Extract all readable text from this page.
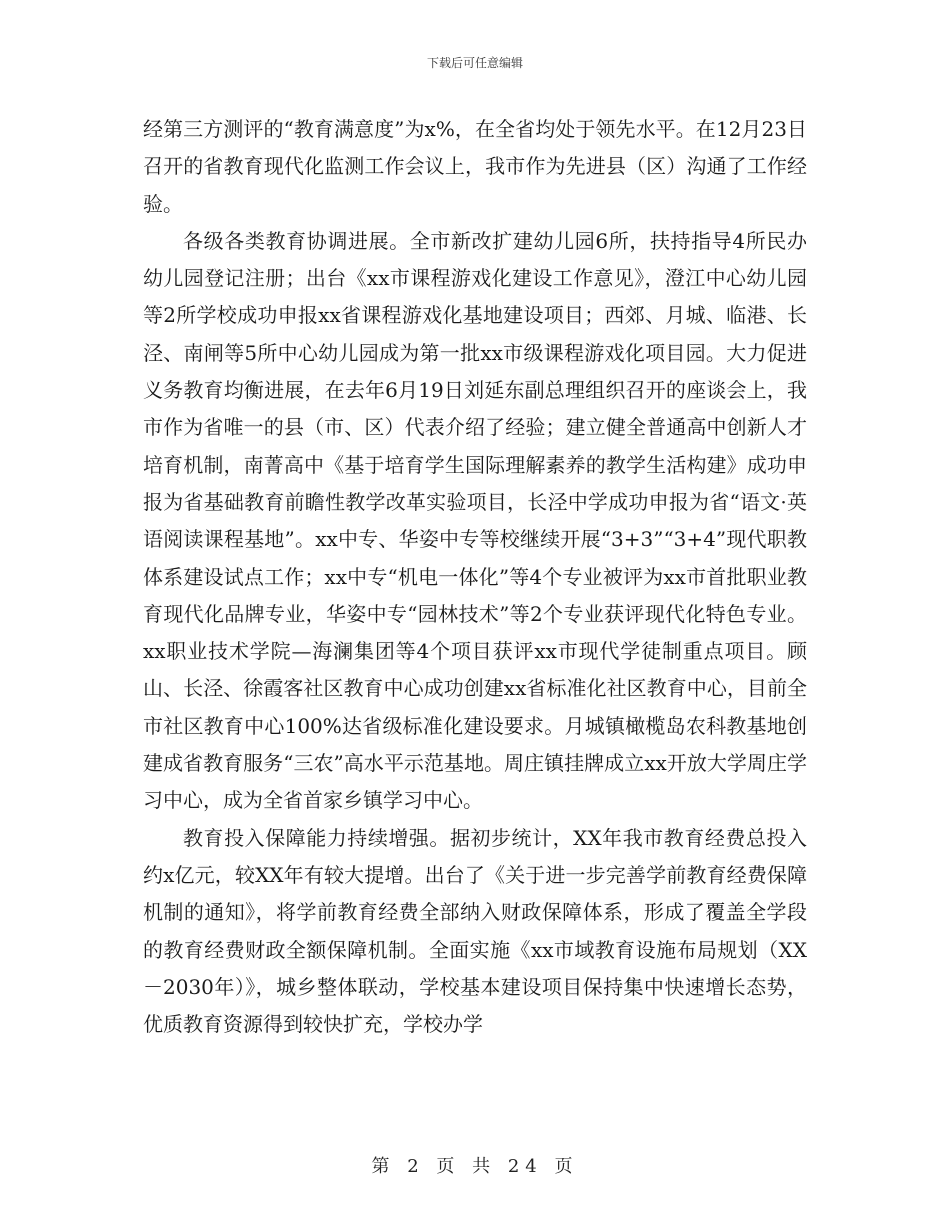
下载后可任意编辑

经第三方测评的“教育满意度”为x%，在全省均处于领先水平。在12月23日召开的省教育现代化监测工作会议上，我市作为先进县（区）沟通了工作经验。

各级各类教育协调进展。全市新改扩建幼儿园6所，扶持指导4所民办幼儿园登记注册；出台《xx市课程游戏化建设工作意见》，澄江中心幼儿园等2所学校成功申报xx省课程游戏化基地建设项目；西郊、月城、临港、长泾、南闸等5所中心幼儿园成为第一批xx市级课程游戏化项目园。大力促进义务教育均衡进展，在去年6月19日刘延东副总理组织召开的座谈会上，我市作为省唯一的县（市、区）代表介绍了经验；建立健全普通高中创新人才培育机制，南菁高中《基于培育学生国际理解素养的教学生活构建》成功申报为省基础教育前瞻性教学改革实验项目，长泾中学成功申报为省“语文·英语阅读课程基地”。xx中专、华姿中专等校继续开展“3+3”“3+4”现代职教体系建设试点工作；xx中专“机电一体化”等4个专业被评为xx市首批职业教育现代化品牌专业，华姿中专“园林技术”等2个专业获评现代化特色专业。xx职业技术学院—海澜集团等4个项目获评xx市现代学徒制重点项目。顾山、长泾、徐霞客社区教育中心成功创建xx省标准化社区教育中心，目前全市社区教育中心100%达省级标准化建设要求。月城镇橄榄岛农科教基地创建成省教育服务“三农”高水平示范基地。周庄镇挂牌成立xx开放大学周庄学习中心，成为全省首家乡镇学习中心。

教育投入保障能力持续增强。据初步统计，XX年我市教育经费总投入约x亿元，较XX年有较大提增。出台了《关于进一步完善学前教育经费保障机制的通知》，将学前教育经费全部纳入财政保障体系，形成了覆盖全学段的教育经费财政全额保障机制。全面实施《xx市域教育设施布局规划（XX－2030年）》，城乡整体联动，学校基本建设项目保持集中快速增长态势，优质教育资源得到较快扩充，学校办学

第 2 页 共 24 页
